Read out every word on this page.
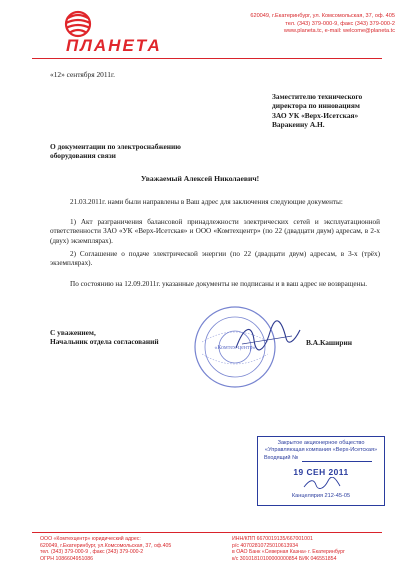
ПЛАНЕТА
620049, г.Екатеринбург, ул. Комсомольская, 37, оф. 405
тел. (343) 379-000-9, факс (343) 379-000-2
www.planeta.tc, e-mail: welcome@planeta.tc
«12» сентября 2011г.
Заместителю технического
директора по инновациям
ЗАО УК «Верх-Исетская»
Варакеину А.Н.
О документации по электроснабжению
оборудования связи
Уважаемый Алексей Николаевич!
21.03.2011г. нами были направлены в Ваш адрес для заключения следующие документы:
1) Акт разграничения балансовой принадлежности электрических сетей и эксплуатационной ответственности ЗАО «УК «Верх-Исетская» и ООО «Комтехцентр» (по 22 (двадцати двум) адресам, в 2-х (двух) экземплярах).
2) Соглашение о подаче электрической энергии (по 22 (двадцати двум) адресам, в 3-х (трёх) экземплярах).
По состоянию на 12.09.2011г. указанные документы не подписаны и в ваш адрес не возвращены.
«Комтех-центр»
С уважением,
Начальник отдела согласований	В.А.Каширин
Закрытое акционерное общество
«Управляющая компания «Верх-Исетская»
Входящий №
19 СЕН 2011
Канцелярия 212-45-05
ООО «Комтехцентр» юридический адрес:
620049, г.Екатеринбург, ул.Комсомольская, 37, оф.405
тел. (343) 379-000-9 , факс (343) 379-000-2
ОГРН 1086604951086
ИНН/КПП 6670019135/667001001
р/с 40702810725010613934
в ОАО Банк «Северная Казна» г. Екатеринбург
к/с 30101810100000000854 БИК 046551854
